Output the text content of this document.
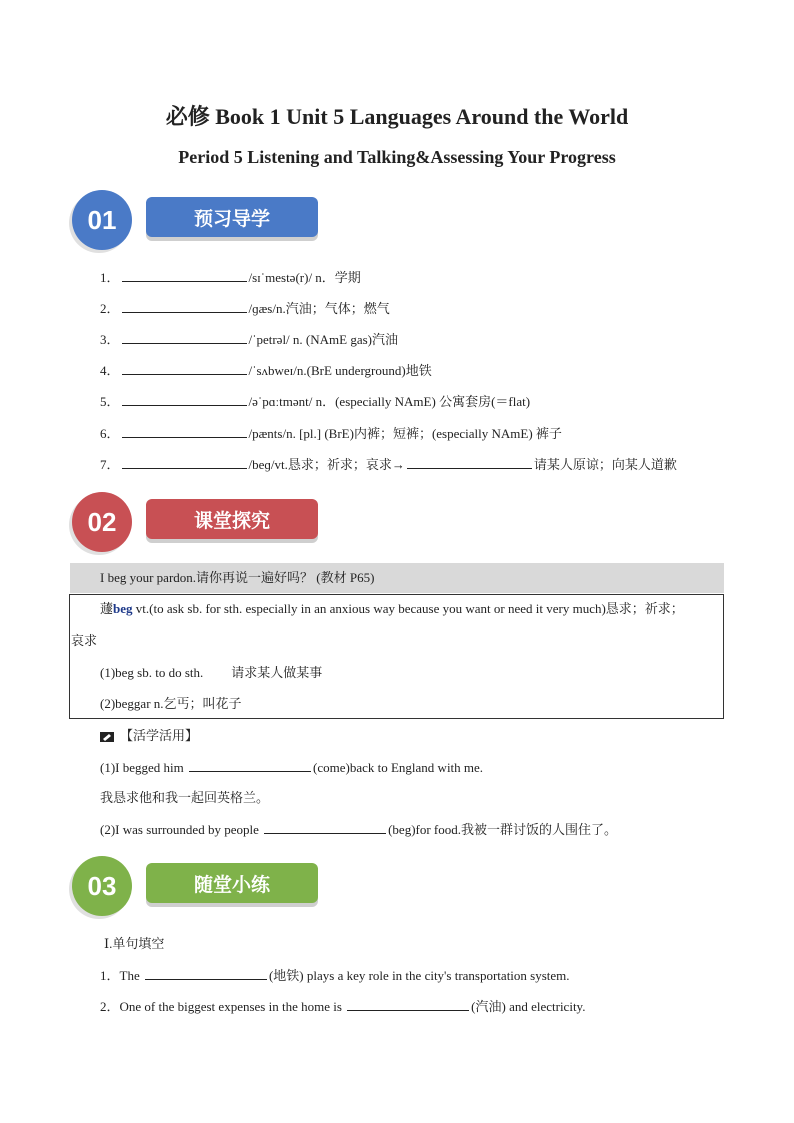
必修 Book 1 Unit 5 Languages Around the World
Period 5 Listening and Talking&Assessing Your Progress
01	预习导学
1．	/sɪˈmestə(r)/ n．学期
2．	/ɡæs/n.汽油；气体；燃气
3．	/ˈpetrəl/ n. (NAmE gas)汽油
4．	/ˈsʌbweɪ/n.(BrE underground)地铁
5．	/əˈpɑːtmənt/ n．(especially NAmE) 公寓套房(＝flat)
6．	/pænts/n. [pl.] (BrE)内裤；短裤；(especially NAmE) 裤子
7．	/beɡ/vt.恳求；祈求；哀求→	请某人原谅；向某人道歉
02	课堂探究
I beg your pardon.请你再说一遍好吗？ (教材 P65)
蘧beg vt.(to ask sb. for sth. especially in an anxious way because you want or need it very much)恳求；祈求；
哀求
(1)beg sb. to do sth. 请求某人做某事
(2)beggar n.乞丐；叫花子
【活学活用】
(1)I begged him	(come)back to England with me.
我恳求他和我一起回英格兰。
(2)I was surrounded by people	(beg)for food.我被一群讨饭的人围住了。
03	随堂小练
Ⅰ.单句填空
1．The	(地铁) plays a key role in the city's transportation system.
2．One of the biggest expenses in the home is	(汽油) and electricity.
